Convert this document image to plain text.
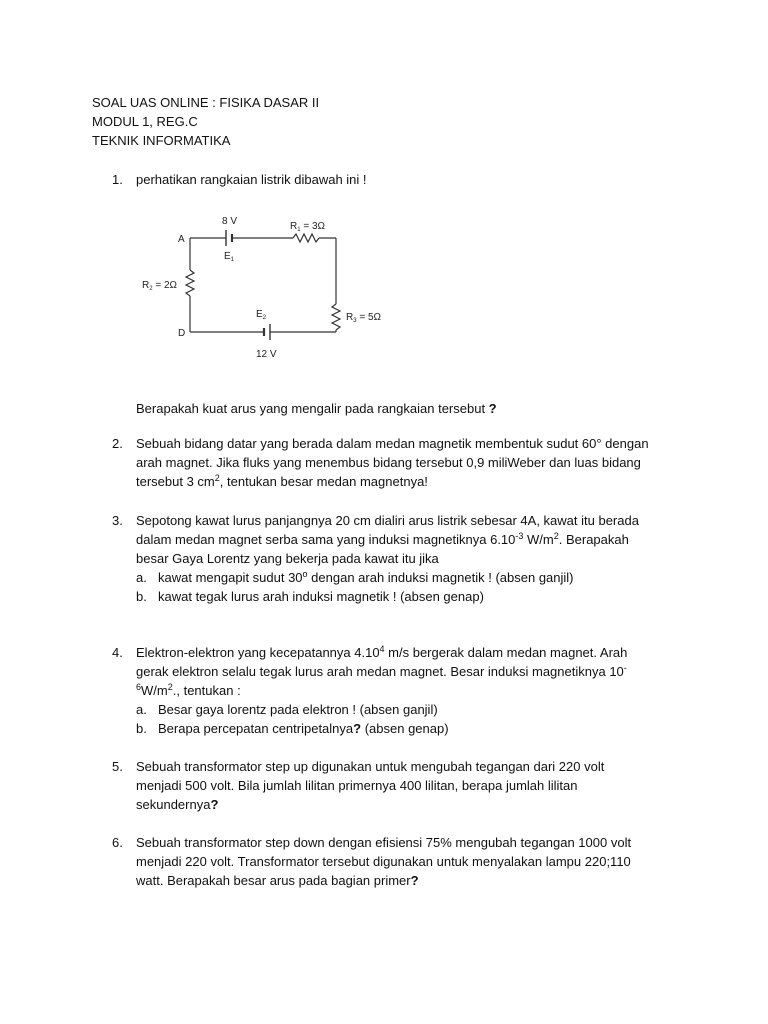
SOAL UAS ONLINE : FISIKA DASAR II
MODUL 1, REG.C
TEKNIK INFORMATIKA
1. perhatikan rangkaian listrik dibawah ini !

8 V	$R_1 = 3\Omega$
A
$E_1$
$R_2 = 2\Omega$
$R_3 = 5\Omega$
$E_2$
D
12 V
Berapakah kuat arus yang mengalir pada rangkaian tersebut ?
2. Sebuah bidang datar yang berada dalam medan magnetik membentuk sudut 60° dengan

arah magnet. Jika fluks yang menembus bidang tersebut 0,9 miliWeber dan luas bidang

tersebut 3 $cm^2$, tentukan besar medan magnetnya!

3. Sepotong kawat lurus panjangnya 20 cm dialiri arus listrik sebesar 4A, kawat itu berada

dalam medan magnet serba sama yang induksi magnetiknya $6.10^{-3}$ $W/m^2$. Berapakah

besar Gaya Lorentz yang bekerja pada kawat itu jika

a. kawat mengapit sudut 30$^o$ dengan arah induksi magnetik ! (absen ganjil)
b. kawat tegak lurus arah induksi magnetik ! (absen genap)
4. Elektron-elektron yang kecepatannya 4.10$^4$ m/s bergerak dalam medan magnet. Arah

gerak elektron selalu tegak lurus arah medan magnet. Besar induksi magnetiknya 10-

$^6W/m^2$., tentukan :

a. Besar gaya lorentz pada elektron ! (absen ganjil)
b. Berapa percepatan centripetalnya? (absen genap)
5. Sebuah transformator step up digunakan untuk mengubah tegangan dari 220 volt

menjadi 500 volt. Bila jumlah lilitan primernya 400 lilitan, berapa jumlah lilitan

sekundernya?

6. Sebuah transformator step down dengan efisiensi 75% mengubah tegangan 1000 volt

menjadi 220 volt. Transformator tersebut digunakan untuk menyalakan lampu 220;110

watt. Berapakah besar arus pada bagian primer?
